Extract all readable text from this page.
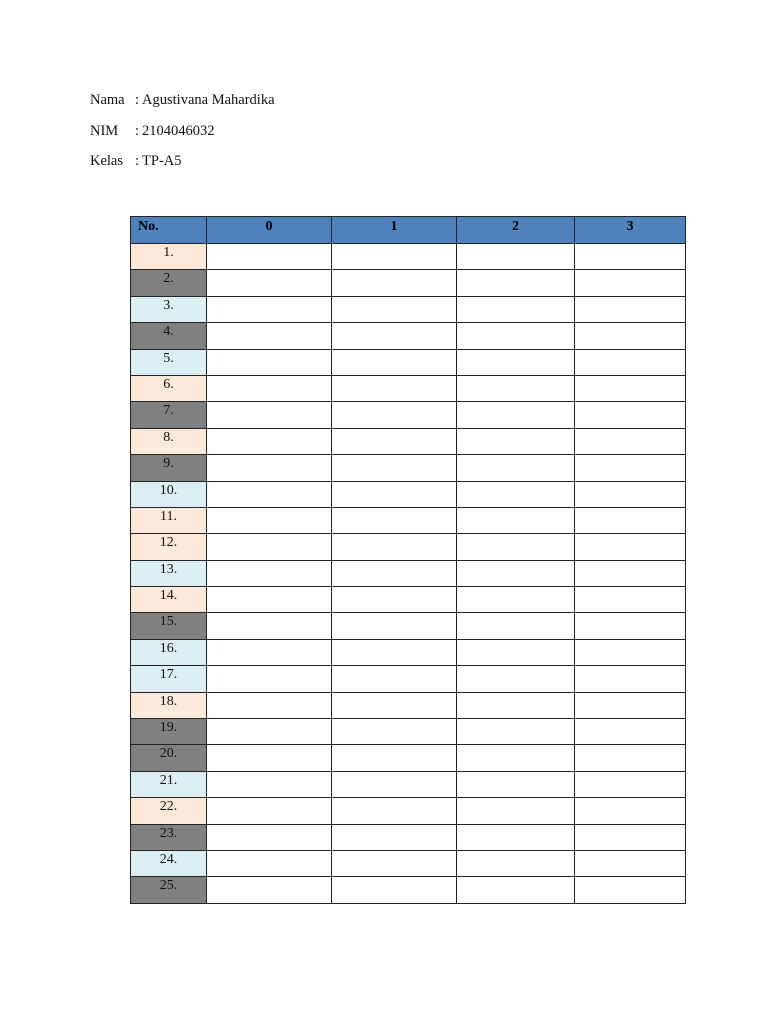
Nama : Agustivana Mahardika
NIM	: 2104046032
Kelas : TP-A5
No.	0	1	2	3
1.				
2.				
3.				
4.				
5.				
6.				
7.				
8.				
9.				
10.				
11.				
12.				
13.				
14.				
15.				
16.				
17.				
18.				
19.				
20.				
21.				
22.				
23.				
24.				
25.				
